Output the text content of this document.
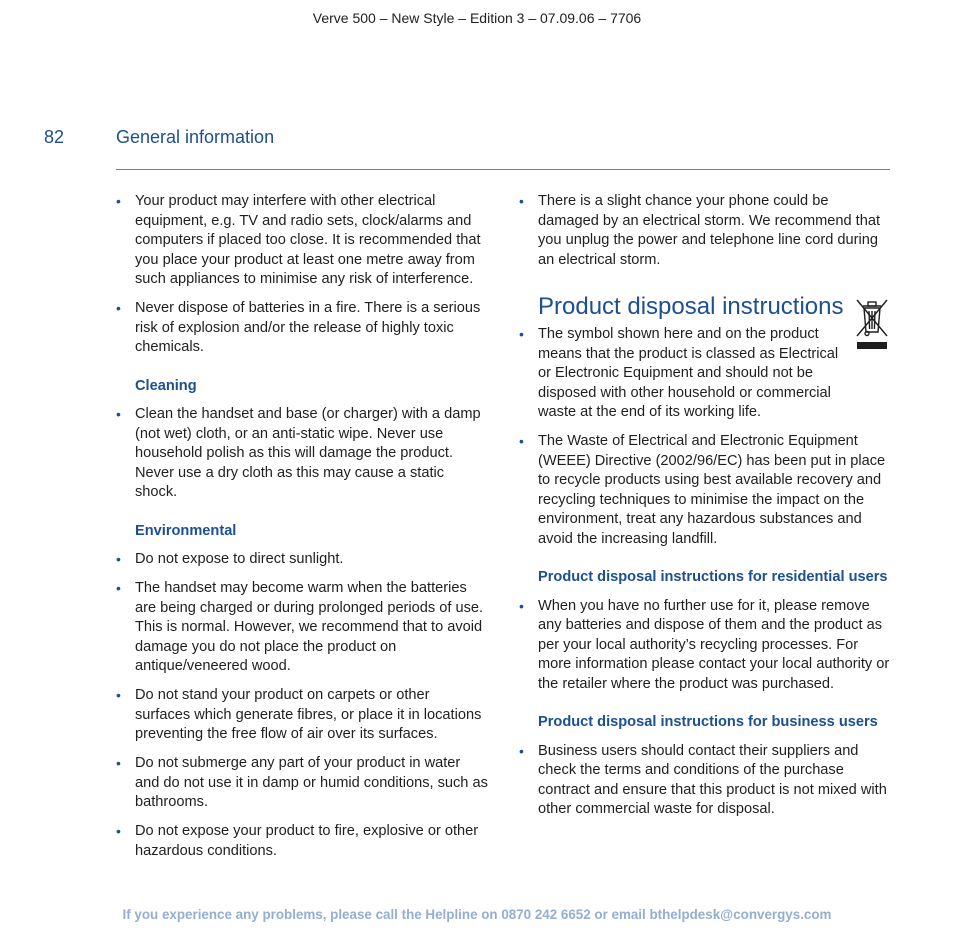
Verve 500 – New Style – Edition 3 – 07.09.06 – 7706
82	General information
• Your product may interfere with other electrical equipment, e.g. TV and radio sets, clock/alarms and computers if placed too close. It is recommended that you place your product at least one metre away from such appliances to minimise any risk of interference.
• Never dispose of batteries in a fire. There is a serious risk of explosion and/or the release of highly toxic chemicals.
Cleaning
• Clean the handset and base (or charger) with a damp (not wet) cloth, or an anti-static wipe. Never use household polish as this will damage the product. Never use a dry cloth as this may cause a static shock.
Environmental
• Do not expose to direct sunlight.
• The handset may become warm when the batteries are being charged or during prolonged periods of use. This is normal. However, we recommend that to avoid damage you do not place the product on antique/veneered wood.
• Do not stand your product on carpets or other surfaces which generate fibres, or place it in locations preventing the free flow of air over its surfaces.
• Do not submerge any part of your product in water and do not use it in damp or humid conditions, such as bathrooms.
• Do not expose your product to fire, explosive or other hazardous conditions.
• There is a slight chance your phone could be damaged by an electrical storm. We recommend that you unplug the power and telephone line cord during an electrical storm.
Product disposal instructions
• The symbol shown here and on the product means that the product is classed as Electrical or Electronic Equipment and should not be disposed with other household or commercial waste at the end of its working life.
• The Waste of Electrical and Electronic Equipment (WEEE) Directive (2002/96/EC) has been put in place to recycle products using best available recovery and recycling techniques to minimise the impact on the environment, treat any hazardous substances and avoid the increasing landfill.
Product disposal instructions for residential users
• When you have no further use for it, please remove any batteries and dispose of them and the product as per your local authority’s recycling processes. For more information please contact your local authority or the retailer where the product was purchased.
Product disposal instructions for business users
• Business users should contact their suppliers and check the terms and conditions of the purchase contract and ensure that this product is not mixed with other commercial waste for disposal.
If you experience any problems, please call the Helpline on 0870 242 6652 or email bthelpdesk@convergys.com
